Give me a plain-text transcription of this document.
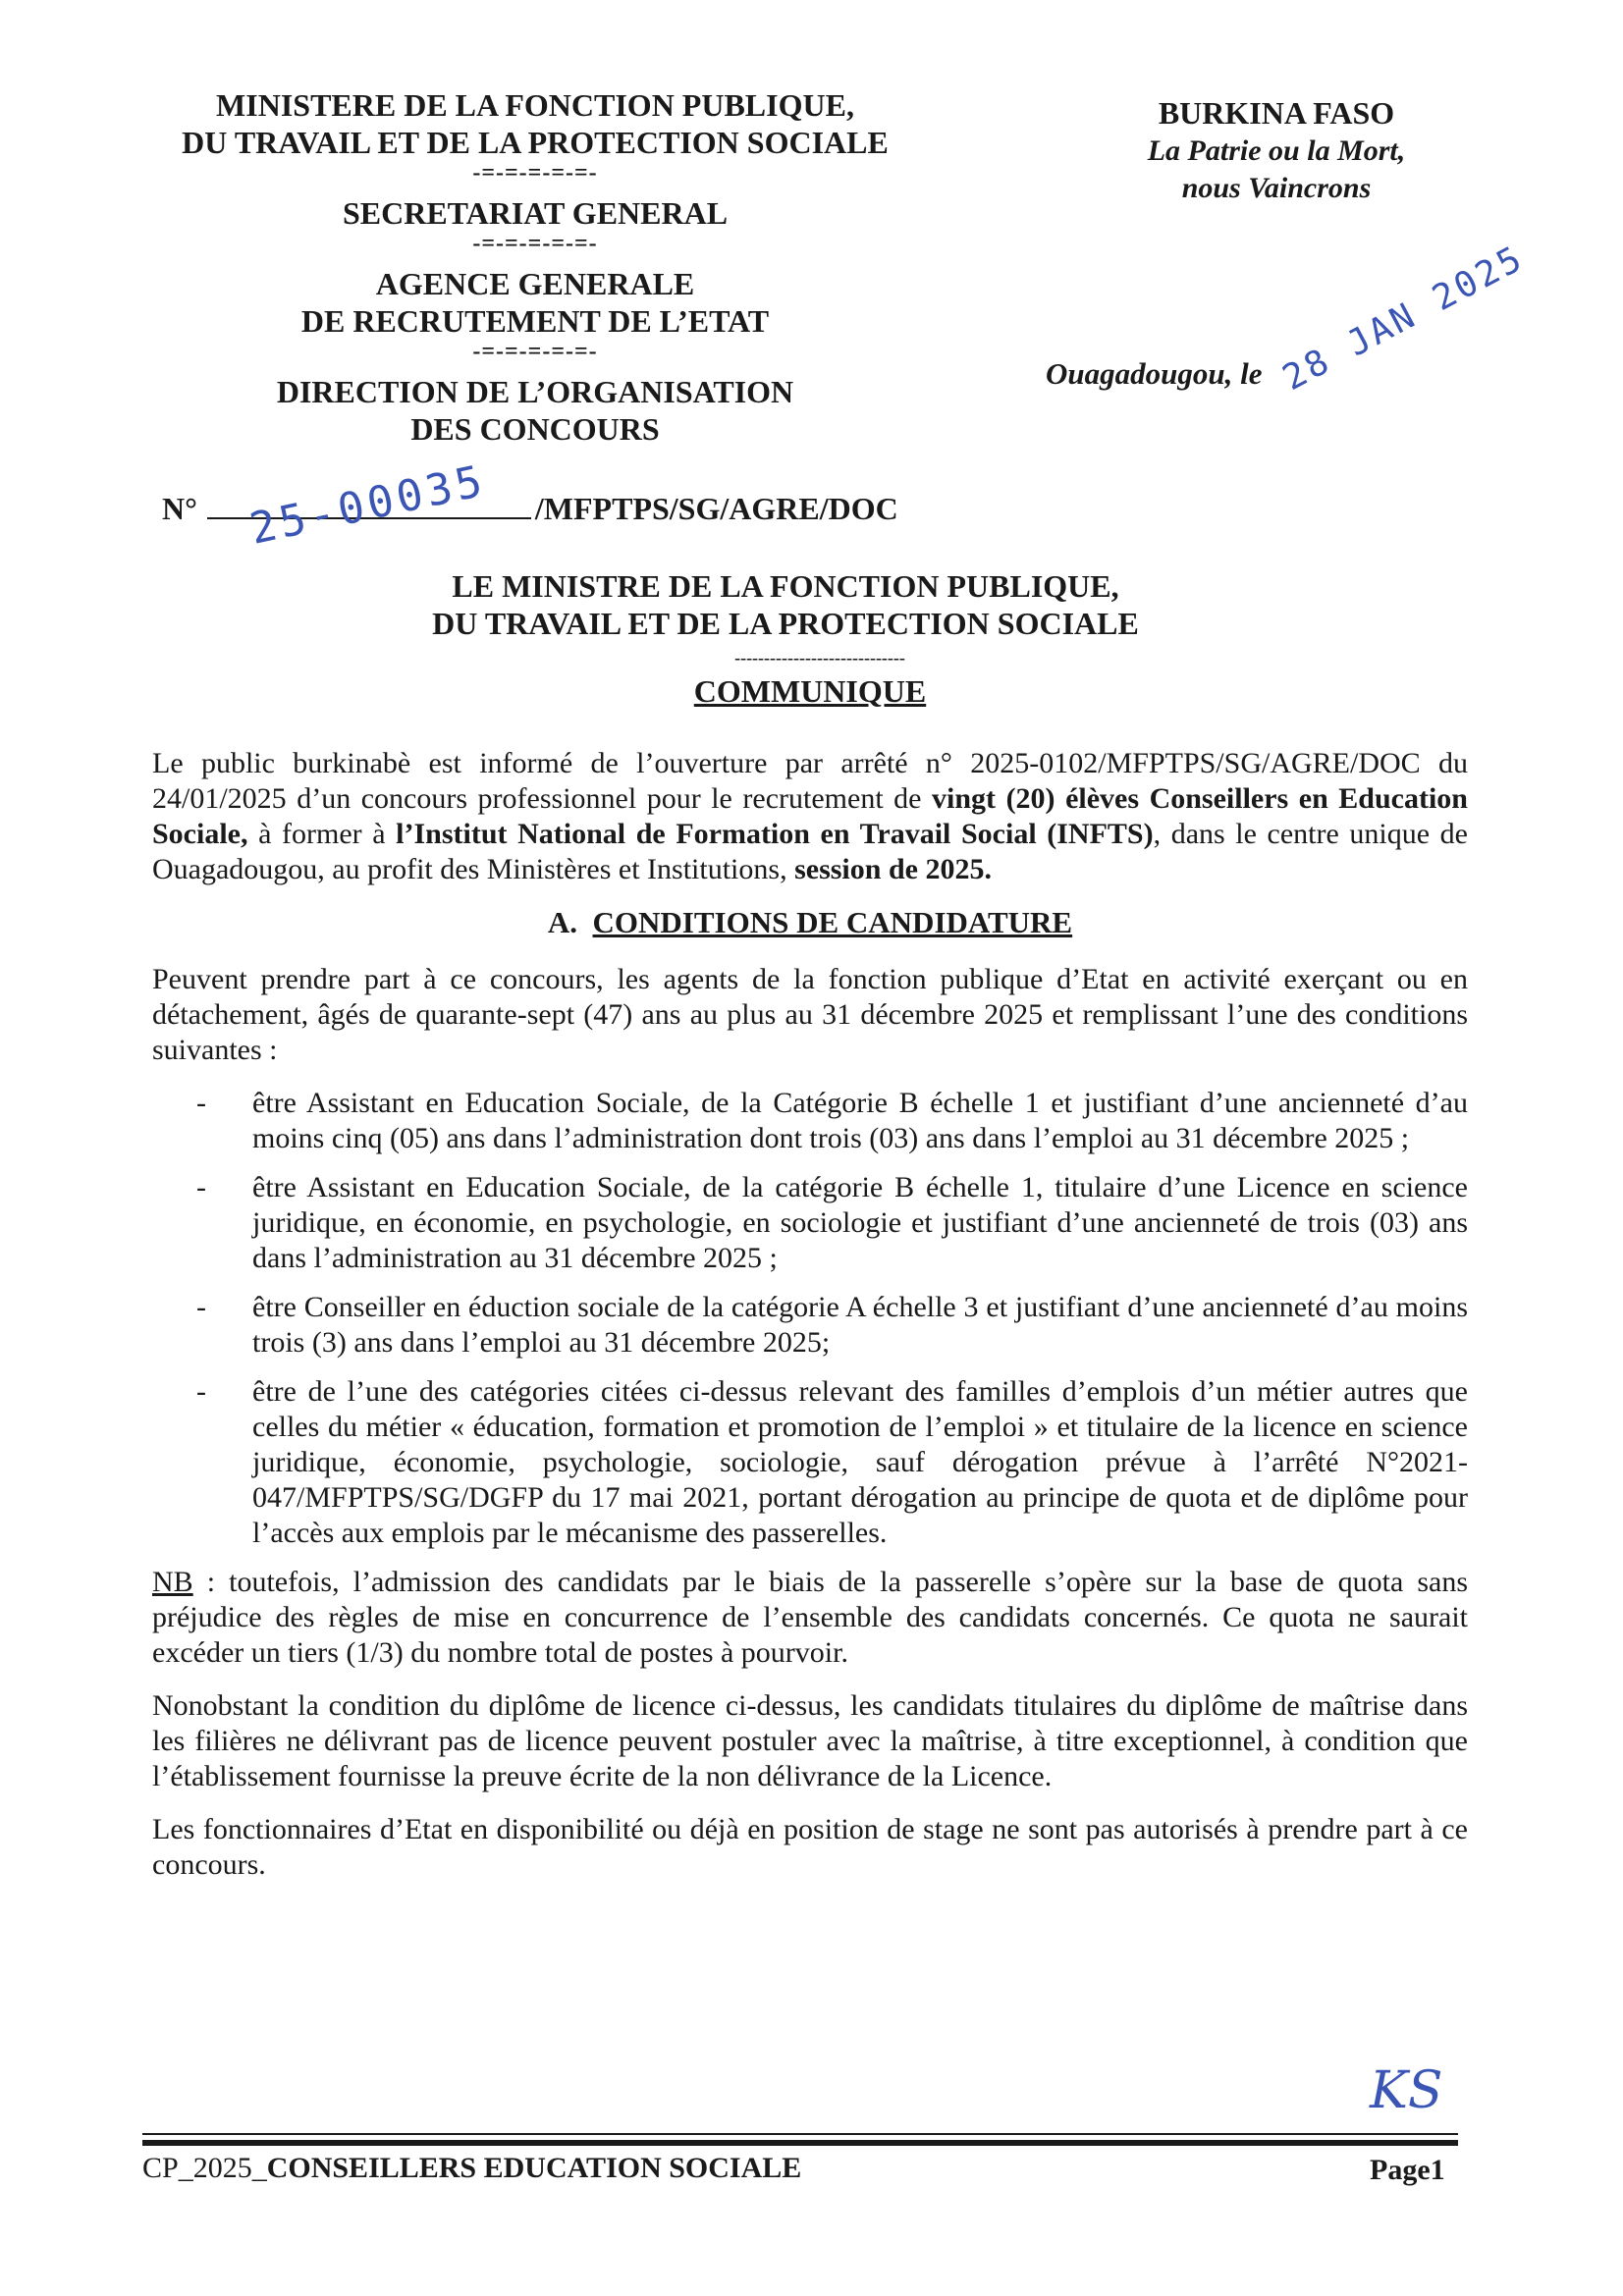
MINISTERE DE LA FONCTION PUBLIQUE,
DU TRAVAIL ET DE LA PROTECTION SOCIALE
-=-=-=-=-=-
SECRETARIAT GENERAL
-=-=-=-=-=-
AGENCE GENERALE
DE RECRUTEMENT DE L’ETAT
-=-=-=-=-=-
DIRECTION DE L’ORGANISATION
DES CONCOURS
BURKINA FASO
La Patrie ou la Mort,
nous Vaincrons
Ouagadougou, le 28 JAN 2025
N°	/MFPTPS/SG/AGRE/DOC
25-00035
LE MINISTRE DE LA FONCTION PUBLIQUE,
DU TRAVAIL ET DE LA PROTECTION SOCIALE
-----------------------------
COMMUNIQUE

Le public burkinabè est informé de l’ouverture par arrêté n° 2025-0102/MFPTPS/SG/AGRE/DOC du 24/01/2025 d’un concours professionnel pour le recrutement de vingt (20) élèves Conseillers en Education Sociale, à former à l’Institut National de Formation en Travail Social (INFTS), dans le centre unique de Ouagadougou, au profit des Ministères et Institutions, session de 2025.

A. CONDITIONS DE CANDIDATURE

Peuvent prendre part à ce concours, les agents de la fonction publique d’Etat en activité exerçant ou en détachement, âgés de quarante-sept (47) ans au plus au 31 décembre 2025 et remplissant l’une des conditions suivantes :

- être Assistant en Education Sociale, de la Catégorie B échelle 1 et justifiant d’une ancienneté d’au moins cinq (05) ans dans l’administration dont trois (03) ans dans l’emploi au 31 décembre 2025 ;
- être Assistant en Education Sociale, de la catégorie B échelle 1, titulaire d’une Licence en science juridique, en économie, en psychologie, en sociologie et justifiant d’une ancienneté de trois (03) ans dans l’administration au 31 décembre 2025 ;
- être Conseiller en éduction sociale de la catégorie A échelle 3 et justifiant d’une ancienneté d’au moins trois (3) ans dans l’emploi au 31 décembre 2025;
- être de l’une des catégories citées ci-dessus relevant des familles d’emplois d’un métier autres que celles du métier « éducation, formation et promotion de l’emploi » et titulaire de la licence en science juridique, économie, psychologie, sociologie, sauf dérogation prévue à l’arrêté N°2021-047/MFPTPS/SG/DGFP du 17 mai 2021, portant dérogation au principe de quota et de diplôme pour l’accès aux emplois par le mécanisme des passerelles.

NB : toutefois, l’admission des candidats par le biais de la passerelle s’opère sur la base de quota sans préjudice des règles de mise en concurrence de l’ensemble des candidats concernés. Ce quota ne saurait excéder un tiers (1/3) du nombre total de postes à pourvoir.

Nonobstant la condition du diplôme de licence ci-dessus, les candidats titulaires du diplôme de maîtrise dans les filières ne délivrant pas de licence peuvent postuler avec la maîtrise, à titre exceptionnel, à condition que l’établissement fournisse la preuve écrite de la non délivrance de la Licence.

Les fonctionnaires d’Etat en disponibilité ou déjà en position de stage ne sont pas autorisés à prendre part à ce concours.

KS
CP_2025_CONSEILLERS EDUCATION SOCIALE	Page1
